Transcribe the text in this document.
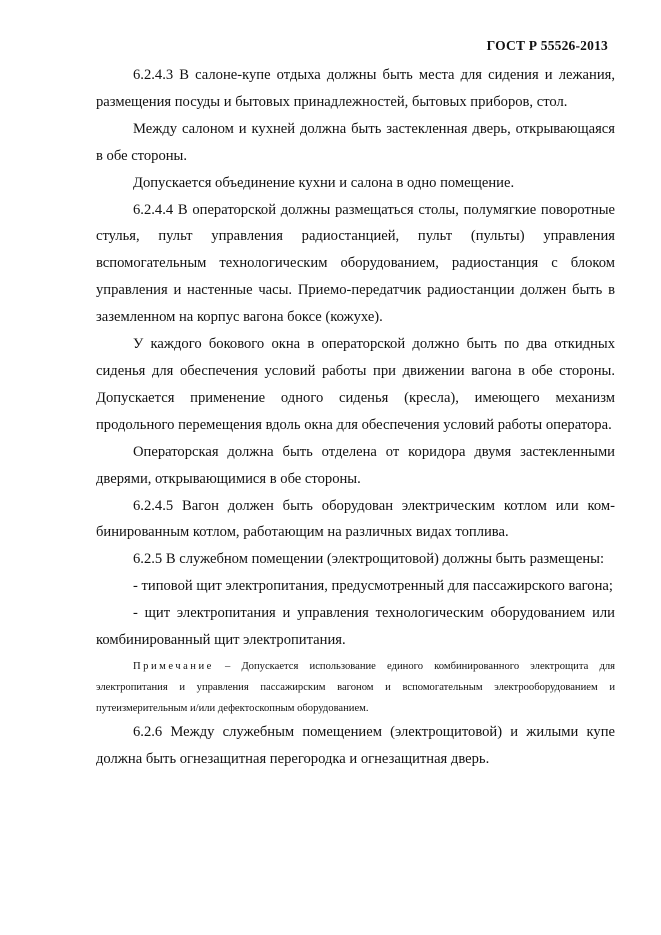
ГОСТ Р 55526-2013

6.2.4.3 В салоне-купе отдыха должны быть места для сидения и лежания, размещения посуды и бытовых принадлежностей, бытовых приборов, стол.

Между салоном и кухней должна быть застекленная дверь, открывающаяся в обе стороны.

Допускается объединение кухни и салона в одно помещение.

6.2.4.4 В операторской должны размещаться столы, полумягкие поворотные стулья, пульт управления радиостанцией, пульт (пульты) управления вспомогательным технологическим оборудованием, радиостанция с блоком управления и настенные часы. Приемо-передатчик радиостанции должен быть в заземленном на корпус вагона боксе (кожухе).

У каждого бокового окна в операторской должно быть по два откидных сиденья для обеспечения условий работы при движении вагона в обе стороны. Допускается применение одного сиденья (кресла), имеющего механизм продольного перемещения вдоль окна для обеспечения условий работы оператора.

Операторская должна быть отделена от коридора двумя застекленными дверями, открывающимися в обе стороны.

6.2.4.5 Вагон должен быть оборудован электрическим котлом или комбинированным котлом, работающим на различных видах топлива.

6.2.5 В служебном помещении (электрощитовой) должны быть размещены:

- типовой щит электропитания, предусмотренный для пассажирского вагона;

- щит электропитания и управления технологическим оборудованием или комбинированный щит электропитания.

Примечание – Допускается использование единого комбинированного электрощита для электропитания и управления пассажирским вагоном и вспомогательным электрооборудованием и путеизмерительным и/или дефектоскопным оборудованием.

6.2.6 Между служебным помещением (электрощитовой) и жилыми купе должна быть огнезащитная перегородка и огнезащитная дверь.
